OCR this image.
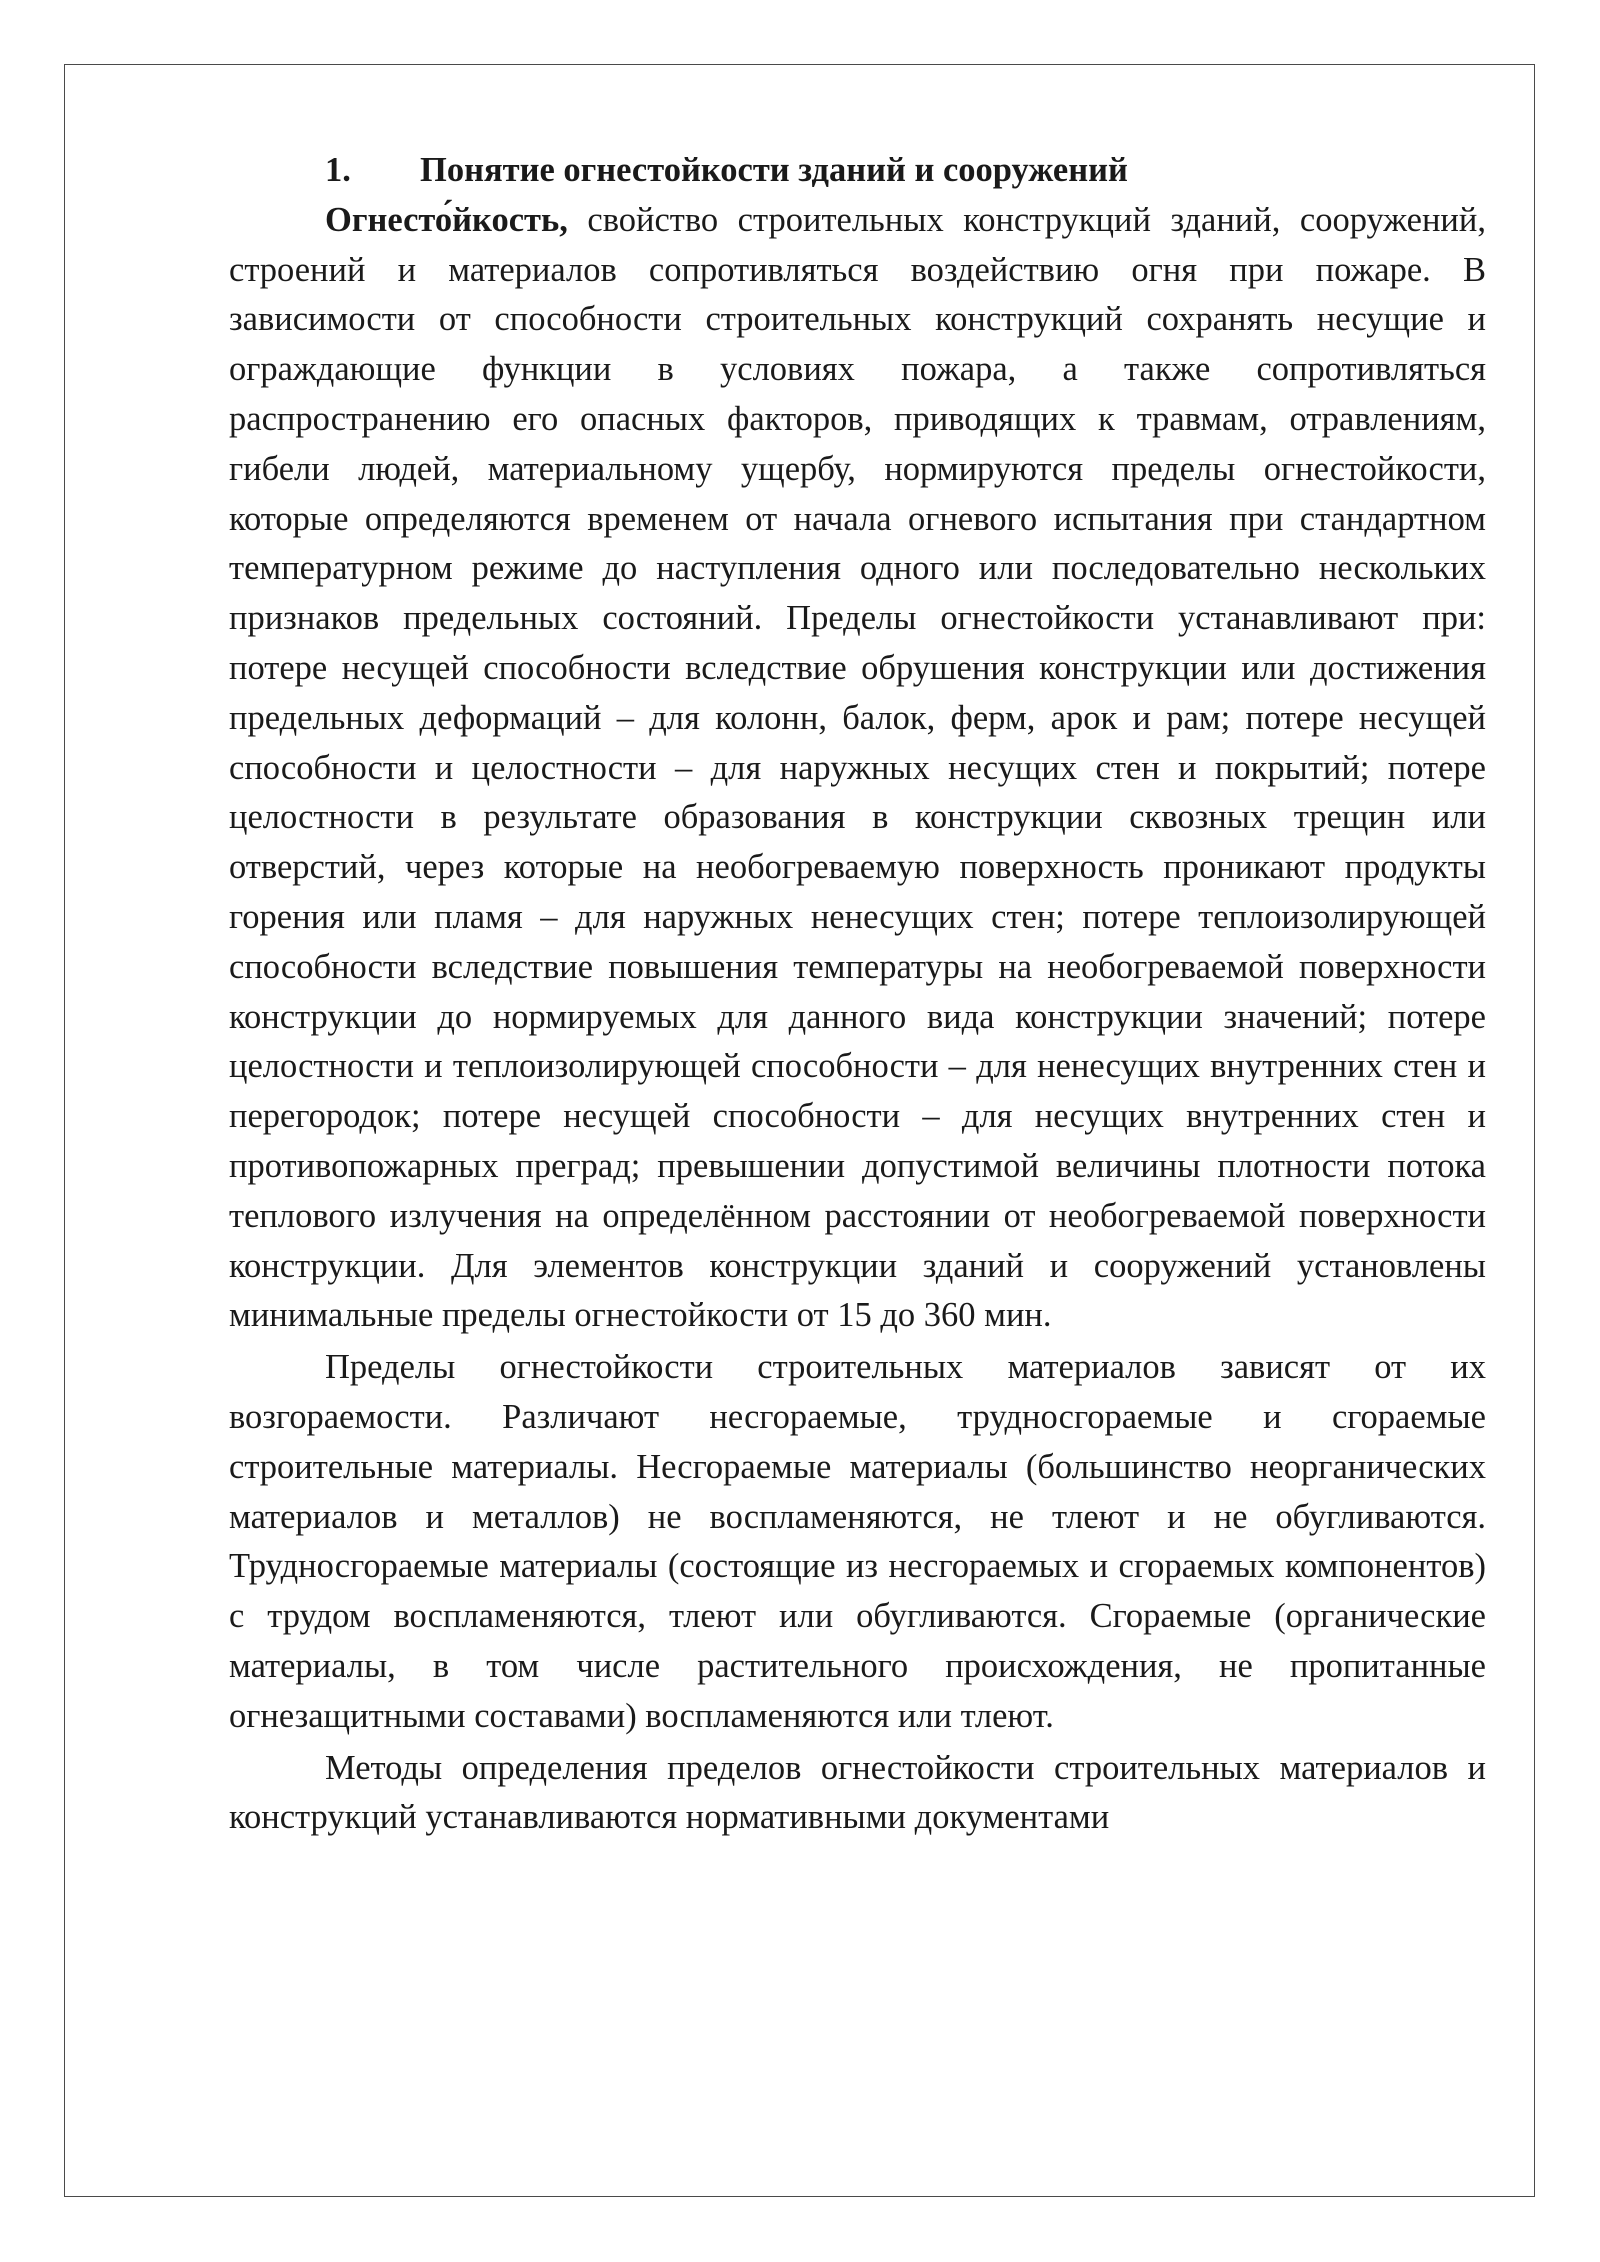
1. Понятие огнестойкости зданий и сооружений

Огнесто́йкость, свойство строительных конструкций зданий, сооружений, строений и материалов сопротивляться воздействию огня при пожаре. В зависимости от способности строительных конструкций сохранять несущие и ограждающие функции в условиях пожара, а также сопротивляться распространению его опасных факторов, приводящих к травмам, отравлениям, гибели людей, материальному ущербу, нормируются пределы огнестойкости, которые определяются временем от начала огневого испытания при стандартном температурном режиме до наступления одного или последовательно нескольких признаков предельных состояний. Пределы огнестойкости устанавливают при: потере несущей способности вследствие обрушения конструкции или достижения предельных деформаций – для колонн, балок, ферм, арок и рам; потере несущей способности и целостности – для наружных несущих стен и покрытий; потере целостности в результате образования в конструкции сквозных трещин или отверстий, через которые на необогреваемую поверхность проникают продукты горения или пламя – для наружных ненесущих стен; потере теплоизолирующей способности вследствие повышения температуры на необогреваемой поверхности конструкции до нормируемых для данного вида конструкции значений; потере целостности и теплоизолирующей способности – для ненесущих внутренних стен и перегородок; потере несущей способности – для несущих внутренних стен и противопожарных преград; превышении допустимой величины плотности потока теплового излучения на определённом расстоянии от необогреваемой поверхности конструкции. Для элементов конструкции зданий и сооружений установлены минимальные пределы огнестойкости от 15 до 360 мин.

Пределы огнестойкости строительных материалов зависят от их возгораемости. Различают несгораемые, трудносгораемые и сгораемые строительные материалы. Несгораемые материалы (большинство неорганических материалов и металлов) не воспламеняются, не тлеют и не обугливаются. Трудносгораемые материалы (состоящие из несгораемых и сгораемых компонентов) с трудом воспламеняются, тлеют или обугливаются. Сгораемые (органические материалы, в том числе растительного происхождения, не пропитанные огнезащитными составами) воспламеняются или тлеют.

Методы определения пределов огнестойкости строительных материалов и конструкций устанавливаются нормативными документами
